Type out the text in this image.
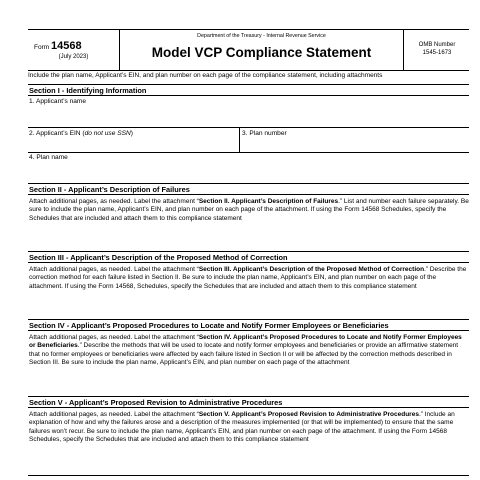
Form 14568
(July 2023)
Department of the Treasury - Internal Revenue Service
Model VCP Compliance Statement	OMB Number
1545-1673
Include the plan name, Applicant’s EIN, and plan number on each page of the compliance statement, including attachments
Section I - Identifying Information
1. Applicant’s name
2. Applicant’s EIN (do not use SSN)	3. Plan number
4. Plan name
Section II - Applicant’s Description of Failures
Attach additional pages, as needed. Label the attachment “Section II. Applicant’s Description of Failures.” List and number each failure separately. Be sure to include the plan name, Applicant’s EIN, and plan number on each page of the attachment. If using the Form 14568 Schedules, specify the Schedules that are included and attach them to this compliance statement
Section III - Applicant’s Description of the Proposed Method of Correction
Attach additional pages, as needed. Label the attachment “Section III. Applicant’s Description of the Proposed Method of Correction.” Describe the correction method for each failure listed in Section II. Be sure to include the plan name, Applicant’s EIN, and plan number on each page of the attachment. If using the Form 14568, Schedules, specify the Schedules that are included and attach them to this compliance statement
Section IV - Applicant’s Proposed Procedures to Locate and Notify Former Employees or Beneficiaries
Attach additional pages, as needed. Label the attachment “Section IV. Applicant’s Proposed Procedures to Locate and Notify Former Employees or Beneficiaries.” Describe the methods that will be used to locate and notify former employees and beneficiaries or provide an affirmative statement that no former employees or beneficiaries were affected by each failure listed in Section II or will be affected by the correction methods described in Section III. Be sure to include the plan name, Applicant’s EIN, and plan number on each page of the attachment
Section V - Applicant’s Proposed Revision to Administrative Procedures
Attach additional pages, as needed. Label the attachment “Section V. Applicant’s Proposed Revision to Administrative Procedures.” Include an explanation of how and why the failures arose and a description of the measures implemented (or that will be implemented) to ensure that the same failures won’t recur. Be sure to include the plan name, Applicant’s EIN, and plan number on each page of the attachment. If using the Form 14568 Schedules, specify the Schedules that are included and attach them to this compliance statement
